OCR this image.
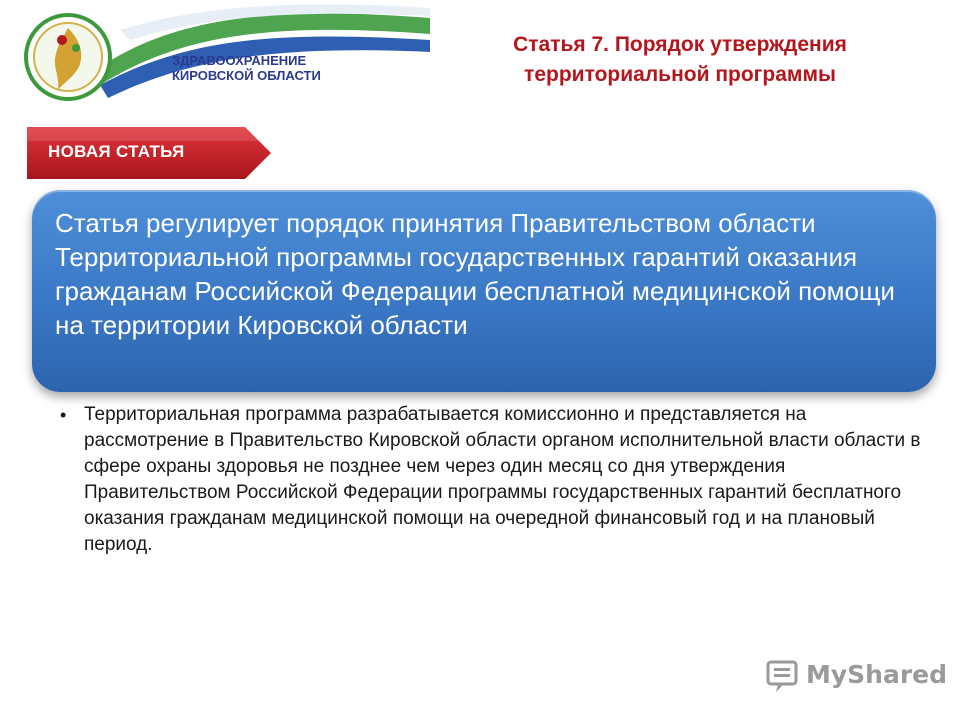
ЗДРАВООХРАНЕНИЕ
КИРОВСКОЙ ОБЛАСТИ
Статья 7. Порядок утверждения
территориальной программы
НОВАЯ СТАТЬЯ
Статья регулирует порядок принятия Правительством области Территориальной программы государственных гарантий оказания гражданам Российской Федерации бесплатной медицинской помощи на территории Кировской области
• Территориальная программа разрабатывается комиссионно и представляется на рассмотрение в Правительство Кировской области органом исполнительной власти области в сфере охраны здоровья не позднее чем через один месяц со дня утверждения Правительством Российской Федерации программы государственных гарантий бесплатного оказания гражданам медицинской помощи на очередной финансовый год и на плановый период.
MyShared
